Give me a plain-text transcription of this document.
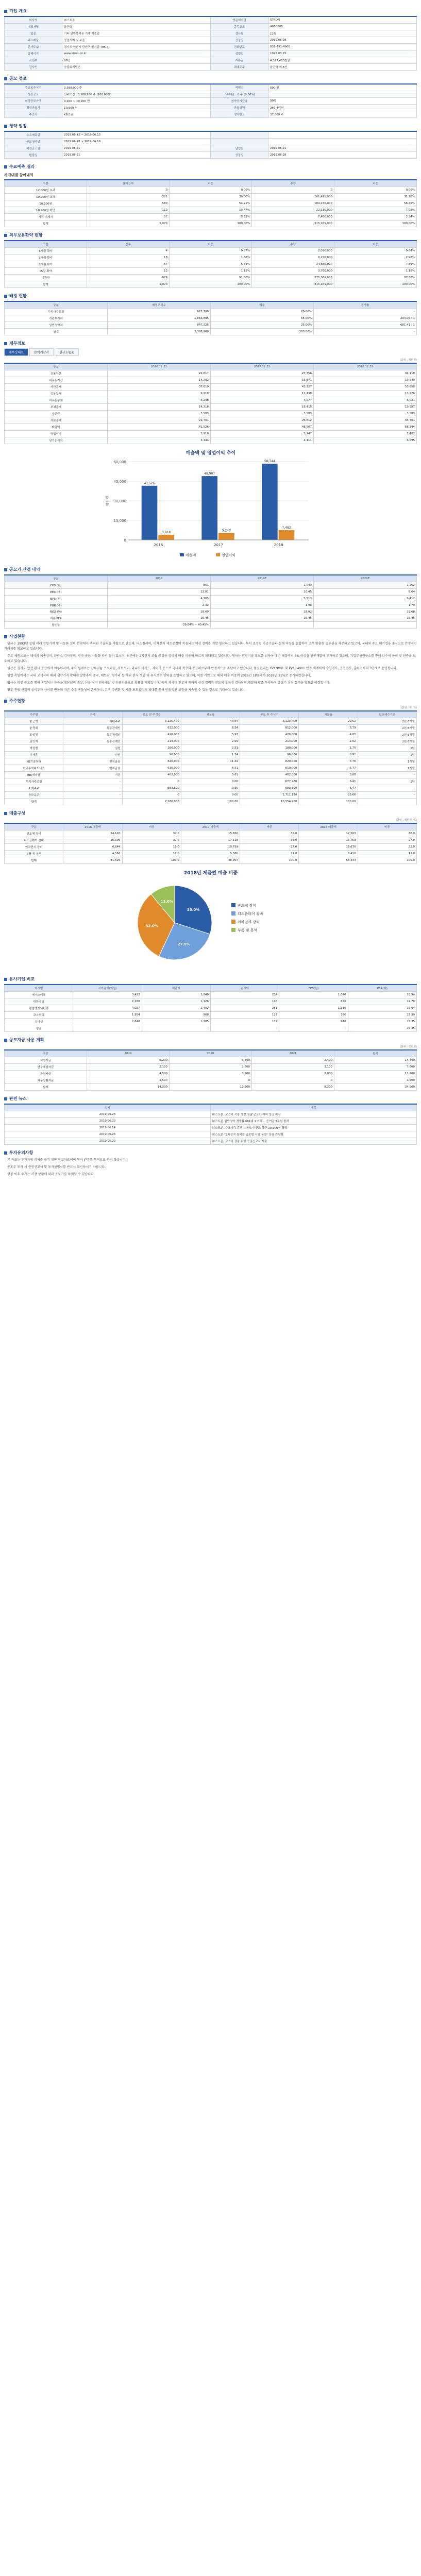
기업 개요
회사명	㈜스트론	영문회사명	STRON
대표자명	윤근혁	종목코드	A000000
업종	기타 일반목적용 기계 제조업	결산월	12월
주요제품	정밀기계 및 부품	상장일	2019.06.28
본사주소	경기도 안산시 단원구 원시동 785-4	전화번호	031-491-4900
홈페이지	www.stron.co.kr	설립일	1993.03.25
직원수	96명	자본금	4,327,463천원
감사인	승일회계법인	최대주주	윤근혁 외 5인
공모 정보
총공모주식수	3,388,900 주	액면가	500 원
상장공모	신주모집 : 3,388,900 주 (100.00%)	구주매출 : 0 주 (0.00%)	
희망공모가액	9,200 ~ 10,900 원	청약증거금율	50%
확정공모가	10,900 원	공모금액	369.4억원
주간사	KB증권	청약한도	37,000 주
청약 일정
수요예측일	2019.06.12 ~ 2019.06.13		
공모청약일	2019.06.18 ~ 2019.06.19		
배정공고일	2019.06.21	납입일	2019.06.21
환불일	2019.06.21	상장일	2019.06.28
수요예측 결과
가격대별 참여내역
구분	참여건수	비중	수량	비중
12,000원 초과	0	0.00%	0	0.00%
10,900원 초과	321	30.00%	101,421,000	32.18%
10,900원	580	54.21%	184,230,000	58.46%
10,900원 미만	112	10.47%	22,110,000	7.02%
가격 미제시	57	5.32%	7,400,000	2.34%
합계	1,070	100.00%	315,161,000	100.00%
의무보유확약 현황
구분	건수	비중	수량	비중
6개월 확약	4	0.37%	2,010,000	0.64%
3개월 확약	18	1.68%	9,150,000	2.90%
1개월 확약	57	5.33%	24,880,000	7.89%
15일 확약	12	1.12%	3,760,000	1.19%
미확약	979	91.50%	275,361,000	87.38%
합계	1,070	100.00%	315,161,000	100.00%
배정 현황
구분	배정주식수	비율	경쟁률
우리사주조합	677,780	20.00%	-
기관투자자	1,863,895	55.00%	294.06 : 1
일반청약자	847,225	25.00%	681.41 : 1
합계	3,388,900	100.00%	-
재무정보
재무상태표	손익계산서	현금흐름표
(단위 : 백만원)
구분	2016.12.31	2017.12.31	2018.12.31
유동자산	22,817	27,356	34,118
비유동자산	14,202	15,871	19,540
자산총계	37,019	43,227	53,658
유동부채	9,110	11,438	13,926
비유동부채	5,208	4,977	6,031
부채총계	14,318	16,415	19,957
자본금	3,583	3,583	3,583
자본총계	22,701	26,812	33,701
매출액	41,526	48,907	58,344
영업이익	3,918	5,247	7,482
당기순이익	3,144	4,111	6,095
매출액 및 영업이익 추이
0
15,000
30,000
45,000
60,000
백만원
2016
41,526
3,918
2017
48,907
5,247
2018
58,344
7,482
매출액	영업이익
공모가 산정 내역
구분	2018	2019E	2020E
EPS (원)	851	1,043	1,262
PER (배)	12.81	10.45	8.64
BPS (원)	4,705	5,513	6,412
PBR (배)	2.32	1.98	1.70
ROE (%)	18.09	18.92	19.68
적용 PER	15.45	15.45	15.45
할인율	29.84% ~ 40.45%		
사업현황

당사는 1993년 설립 이래 정밀기계 및 자동화 설비 분야에서 축적된 기술력을 바탕으로 반도체, 디스플레이, 이차전지 제조공정에 적용되는 핵심 장비를 개발·생산하고 있습니다. 특히 초정밀 가공기술과 설계 역량을 결합하여 고객 맞춤형 솔루션을 제공하고 있으며, 국내외 주요 대기업을 중심으로 안정적인 거래처를 확보하고 있습니다.

주요 제품으로는 웨이퍼 이송장비, 글라스 검사장비, 전극 공정 자동화 라인 등이 있으며, 최근에는 2차전지 조립 공정용 장비의 매출 비중이 빠르게 확대되고 있습니다. 당사는 원천기술 확보를 위하여 매년 매출액의 4% 이상을 연구개발에 투자하고 있으며, 기업부설연구소를 통해 다수의 특허 및 인증을 보유하고 있습니다.

생산은 경기도 안산 본사 공장에서 이루어지며, 주요 원재료는 알루미늄 프로파일, 서보모터, 리니어 가이드, 제어기 등으로 국내외 복수의 공급처로부터 안정적으로 조달하고 있습니다. 품질관리는 ISO 9001 및 ISO 14001 인증 체계하에 수입검사, 공정검사, 출하검사의 3단계로 운영됩니다.

영업 측면에서는 국내 고객사의 해외 생산기지 확대에 발맞추어 중국, 베트남, 헝가리 등 해외 현지 셋업 및 유지보수 인력을 운영하고 있으며, 이를 기반으로 해외 매출 비중이 2016년 18%에서 2018년 31%로 증가하였습니다.

당사는 이번 공모를 통해 유입되는 자금을 생산설비 증설, 신규 장비 연구개발 및 운영자금으로 활용할 계획입니다. 특히 차세대 전고체 배터리 공정 장비와 반도체 후공정 검사장비 개발에 집중 투자하여 중장기 성장 동력을 확보할 예정입니다.

향후 전방 산업의 설비투자 사이클 변동에 따른 수주 변동성이 존재하나, 고객 다변화 및 제품 포트폴리오 확대를 통해 안정적인 성장을 지속할 수 있을 것으로 기대하고 있습니다.

주주현황
(단위 : 주, %)
주주명	관계	공모 전 주식수	지분율	공모 후 주식수	지분율	보호예수기간
윤근혁	최대주주	3,120,400	43.54	3,120,400	29.52	2년 6개월
윤정희	특수관계인	612,000	8.54	612,000	5.79	2년 6개월
윤성민	특수관계인	428,000	5.97	428,000	4.05	2년 6개월
김민자	특수관계인	214,000	2.99	214,000	2.02	2년 6개월
박상철	임원	180,000	2.51	180,000	1.70	1년
이재훈	임원	96,000	1.34	96,000	0.91	1년
KB기술투자	벤처금융	820,000	11.44	820,000	7.76	1개월
한국투자파트너스	벤처금융	610,000	8.51	610,000	5.77	1개월
IBK캐피탈	기관	402,000	5.61	402,000	3.80	-
우리사주조합	-	0	0.00	677,780	6.41	1년
소액주주	-	683,600	9.55	683,600	6.47	-
공모주주	-	0	0.00	2,711,120	25.66	-
합계		7,166,000	100.00	10,554,900	100.00	
매출구성
(단위 : 백만원, %)
구분	2016 매출액	비중	2017 매출액	비중	2018 매출액	비중
반도체 장비	14,120	34.0	15,650	32.0	17,503	30.0
디스플레이 장비	16,196	39.0	17,118	35.0	15,753	27.0
이차전지 장비	6,644	16.0	10,759	22.0	18,670	32.0
부품 및 용역	4,566	11.0	5,380	11.0	6,418	11.0
합계	41,526	100.0	48,907	100.0	58,344	100.0
2018년 제품별 매출 비중
30.0%
반도체 장비
27.0%
디스플레이 장비
32.0%
이차전지 장비
11.0%
부품 및 용역
유사기업 비교
회사명	시가총액(억원)	매출액	순이익	EPS(원)	PER(배)
에이스테크	3,412	1,840	214	1,020	15.94
대한정밀	2,188	1,126	148	870	14.78
한솔엔지니어링	4,027	2,402	251	1,310	16.04
코스모텍	1,954	908	127	760	15.39
유니셋	2,640	1,385	172	940	15.35
평균	-	-	-	-	15.45
공모자금 사용 계획
(단위 : 백만원)
구분	2019	2020	2021	합계
시설자금	6,200	5,800	2,400	14,400
연구개발자금	2,100	2,600	3,100	7,800
운영자금	4,500	3,900	2,800	11,200
채무상환자금	1,500	0	0	1,500
합계	14,300	12,300	8,300	34,900
관련 뉴스
일자	제목
2019.06.28	㈜스트론, 코스닥 시장 상장 첫날 공모가 대비 상승 마감
2019.06.20	㈜스트론 일반청약 경쟁률 681대 1 기록… 증거금 3조원 몰려
2019.06.14	㈜스트론, 수요예측 흥행… 공모가 밴드 상단 10,900원 확정
2019.06.03	㈜스트론 "2차전지 장비로 글로벌 시장 공략" 상장 간담회
2019.05.22	㈜스트론, 코스닥 상장 위한 증권신고서 제출
투자유의사항

본 자료는 투자자의 이해를 돕기 위한 참고자료이며 투자 권유를 목적으로 하지 않습니다.

공모주 투자 시 증권신고서 및 투자설명서를 반드시 확인하시기 바랍니다.

상장 이후 주가는 시장 상황에 따라 공모가를 하회할 수 있습니다.
